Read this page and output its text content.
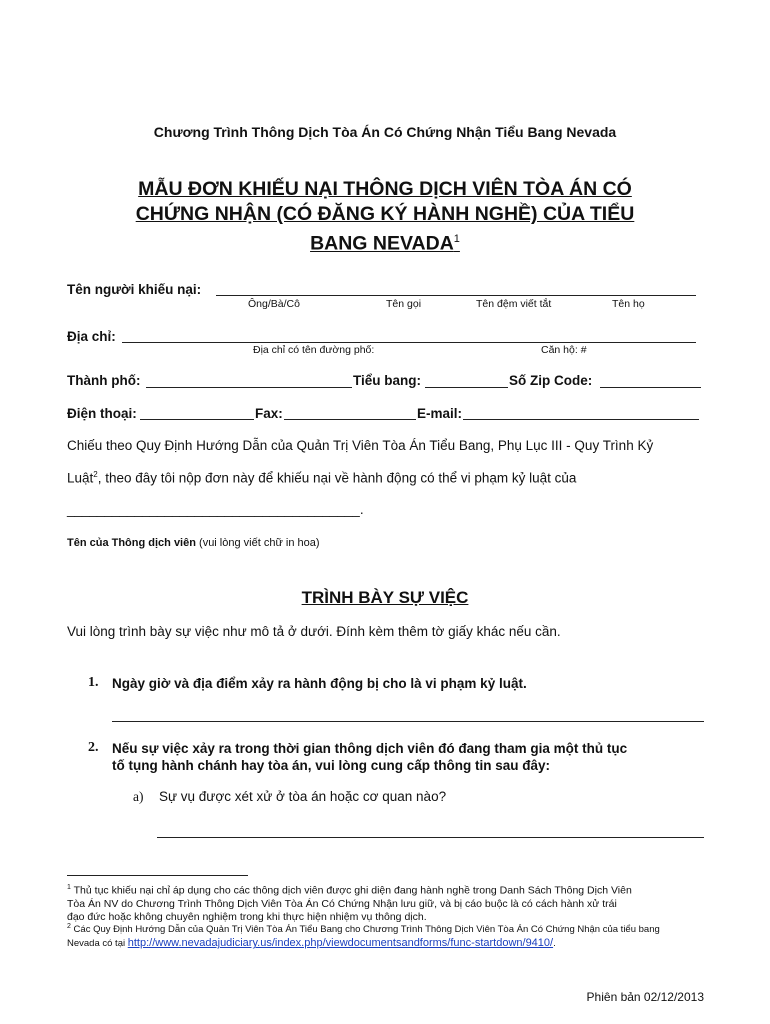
Chương Trình Thông Dịch Tòa Án Có Chứng Nhận Tiểu Bang Nevada
MẪU ĐƠN KHIẾU NẠI THÔNG DỊCH VIÊN TÒA ÁN CÓ
CHỨNG NHẬN (CÓ ĐĂNG KÝ HÀNH NGHỀ) CỦA TIỂU
BANG NEVADA$^1$
Tên người khiếu nại:
Ông/Bà/Cô	Tên gọi	Tên đệm viết tắt	Tên họ
Địa chỉ:
Địa chỉ có tên đường phố:	Căn hộ: #
Thành phố:	Tiểu bang:	Số Zip Code:
Điện thoại:	Fax:	E-mail:
Chiếu theo Quy Định Hướng Dẫn của Quản Trị Viên Tòa Án Tiểu Bang, Phụ Lục III - Quy Trình Kỷ
Luật$^2$, theo đây tôi nộp đơn này để khiếu nại về hành động có thể vi phạm kỷ luật của
_______________________________________.
Tên của Thông dịch viên (vui lòng viết chữ in hoa)
TRÌNH BÀY SỰ VIỆC
Vui lòng trình bày sự việc như mô tả ở dưới. Đính kèm thêm tờ giấy khác nếu cần.
1. Ngày giờ và địa điểm xảy ra hành động bị cho là vi phạm kỷ luật.
2. Nếu sự việc xảy ra trong thời gian thông dịch viên đó đang tham gia một thủ tục
tố tụng hành chánh hay tòa án, vui lòng cung cấp thông tin sau đây:
a) Sự vụ được xét xử ở tòa án hoặc cơ quan nào?
$^1$ Thủ tục khiếu nại chỉ áp dụng cho các thông dịch viên được ghi diện đang hành nghề trong Danh Sách Thông Dịch Viên
Tòa Án NV do Chương Trình Thông Dịch Viên Tòa Án Có Chứng Nhận lưu giữ, và bị cáo buộc là có cách hành xử trái
đạo đức hoặc không chuyên nghiệm trong khi thực hiện nhiệm vụ thông dịch.
$^2$ Các Quy Định Hướng Dẫn của Quản Trị Viên Tòa Án Tiểu Bang cho Chương Trình Thông Dịch Viên Tòa Án Có Chứng Nhận của tiểu bang
Nevada có tại http://www.nevadajudiciary.us/index.php/viewdocumentsandforms/func-startdown/9410/.
Phiên bản 02/12/2013
